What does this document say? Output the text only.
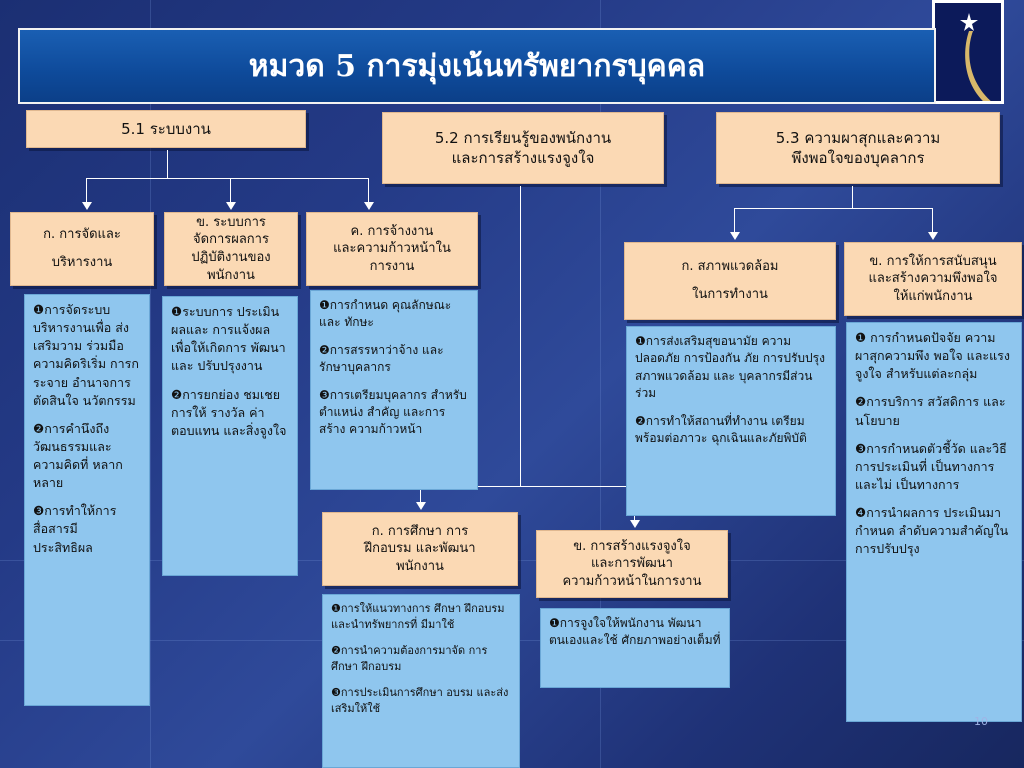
หมวด 5 การมุ่งเน้นทรัพยากรบุคคล
5.1 ระบบงาน	5.2 การเรียนรู้ของพนักงาน
และการสร้างแรงจูงใจ
5.3 ความผาสุกและความ
พึงพอใจของบุคลากร
ก. การจัดและ
บริหารงาน
ข. ระบบการ
จัดการผลการ
ปฏิบัติงานของ
พนักงาน
ค. การจ้างงาน
และความก้าวหน้าใน
การงาน
❶การจัดระบบ บริหารงานเพื่อ ส่งเสริมวาม ร่วมมือ ความคิดริเริ่ม การกระจาย อำนาจการ ตัดสินใจ นวัตกรรม
❷การคำนึงถึง วัฒนธรรมและ ความคิดที่ หลากหลาย
❸การทำให้การ สื่อสารมี ประสิทธิผล
❶ระบบการ ประเมินผลและ การแจ้งผล เพื่อให้เกิดการ พัฒนาและ ปรับปรุงงาน
❷การยกย่อง ชมเชย การให้ รางวัล ค่าตอบแทน และสิ่งจูงใจ
❶การกำหนด คุณลักษณะและ ทักษะ
❷การสรรหาว่าจ้าง และรักษาบุคลากร
❸การเตรียมบุคลากร สำหรับตำแหน่ง สำคัญ และการสร้าง ความก้าวหน้า
ก. การศึกษา การ
ฝึกอบรม และพัฒนา
พนักงาน
ข. การสร้างแรงจูงใจ
และการพัฒนา
ความก้าวหน้าในการงาน
❶การให้แนวทางการ ศึกษา ฝึกอบรม และนำทรัพยากรที่ มีมาใช้
❷การนำความต้องการมาจัด การศึกษา ฝึกอบรม
❸การประเมินการศึกษา อบรม และส่งเสริมให้ใช้
❶การจูงใจให้พนักงาน พัฒนาตนเองและใช้ ศักยภาพอย่างเต็มที่
ก. สภาพแวดล้อม
ในการทำงาน
ข. การให้การสนับสนุน
และสร้างความพึงพอใจ
ให้แก่พนักงาน
❶การส่งเสริมสุขอนามัย ความปลอดภัย การป้องกัน ภัย การปรับปรุง สภาพแวดล้อม และ บุคลากรมีส่วนร่วม
❷การทำให้สถานที่ทำงาน เตรียมพร้อมต่อภาวะ ฉุกเฉินและภัยพิบัติ
❶ การกำหนดปัจจัย ความผาสุกความพึง พอใจ และแรงจูงใจ สำหรับแต่ละกลุ่ม
❷การบริการ สวัสดิการ และ นโยบาย
❸การกำหนดตัวชี้วัด และวิธีการประเมินที่ เป็นทางการและไม่ เป็นทางการ
❹การนำผลการ ประเมินมากำหนด ลำดับความสำคัญใน การปรับปรุง
10
